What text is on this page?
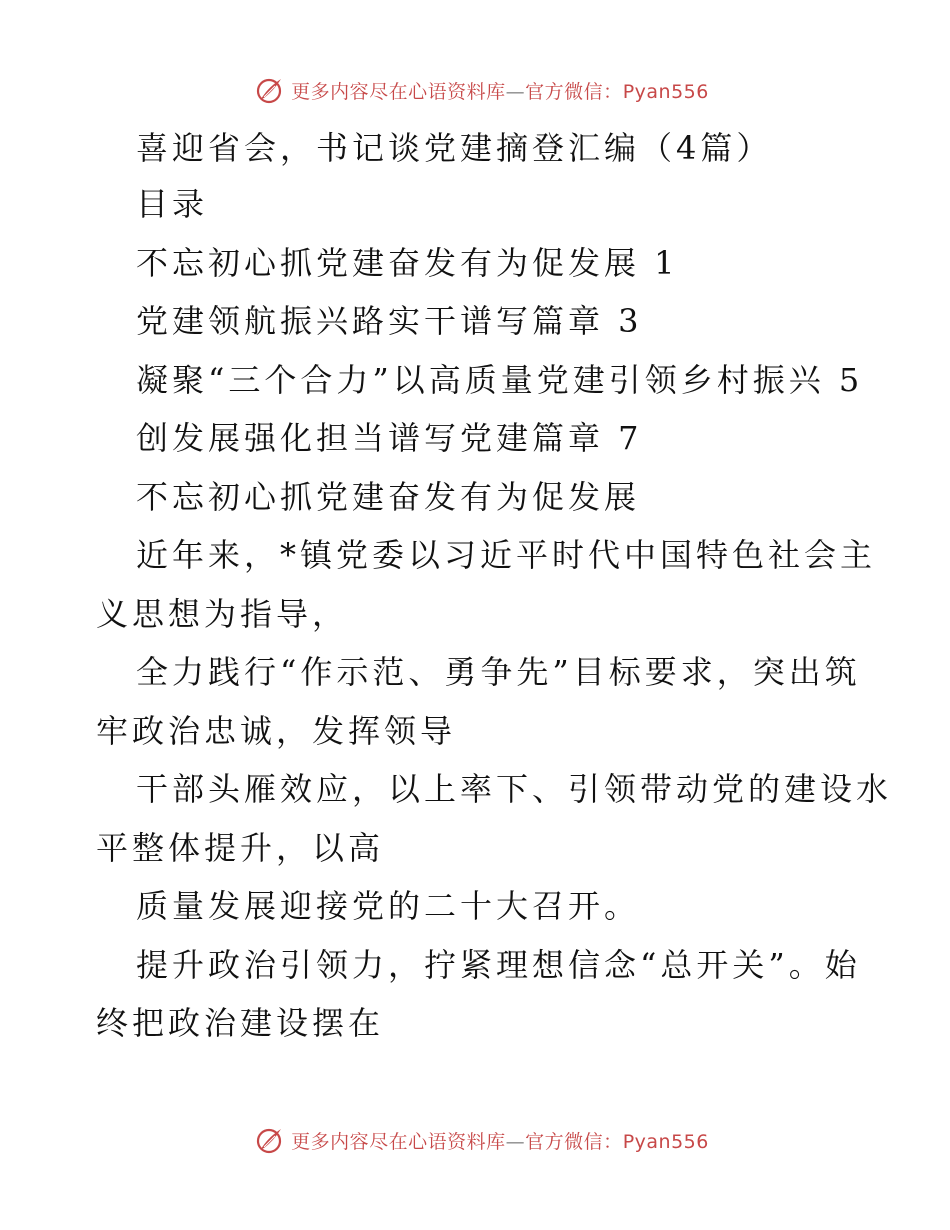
更多内容尽在心语资料库—官方微信：Pyan556
喜迎省会，书记谈党建摘登汇编（4篇）
目录
不忘初心抓党建奋发有为促发展 1
党建领航振兴路实干谱写篇章 3
凝聚“三个合力”以高质量党建引领乡村振兴 5
创发展强化担当谱写党建篇章 7
不忘初心抓党建奋发有为促发展
近年来，*镇党委以习近平时代中国特色社会主
义思想为指导，
全力践行“作示范、勇争先”目标要求，突出筑
牢政治忠诚，发挥领导
干部头雁效应，以上率下、引领带动党的建设水
平整体提升，以高
质量发展迎接党的二十大召开。
提升政治引领力，拧紧理想信念“总开关”。始
终把政治建设摆在
更多内容尽在心语资料库—官方微信：Pyan556
